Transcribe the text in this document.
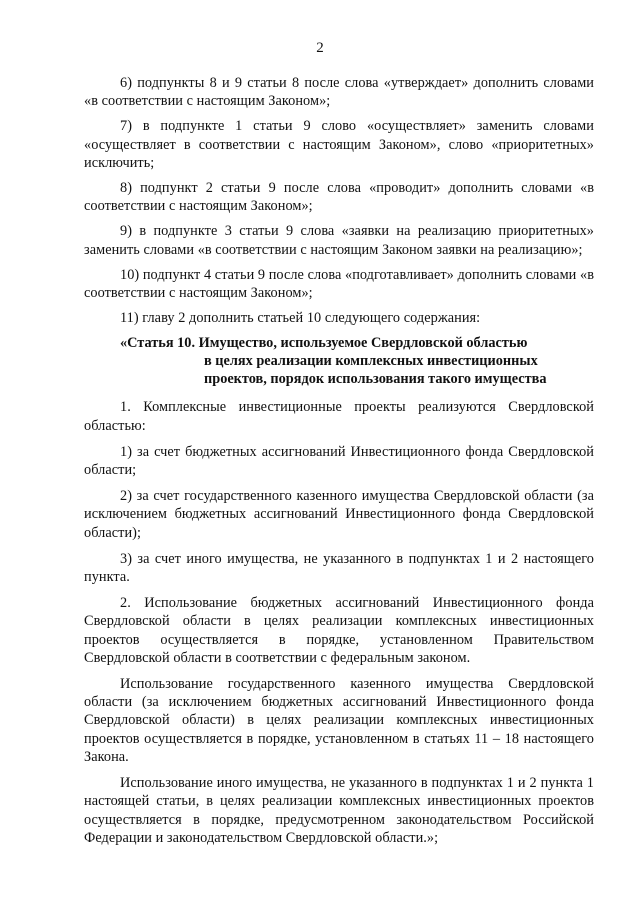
2

6) подпункты 8 и 9 статьи 8 после слова «утверждает» дополнить словами «в соответствии с настоящим Законом»;

7) в подпункте 1 статьи 9 слово «осуществляет» заменить словами «осуществляет в соответствии с настоящим Законом», слово «приоритетных» исключить;

8) подпункт 2 статьи 9 после слова «проводит» дополнить словами «в соответствии с настоящим Законом»;

9) в подпункте 3 статьи 9 слова «заявки на реализацию приоритетных» заменить словами «в соответствии с настоящим Законом заявки на реализацию»;

10) подпункт 4 статьи 9 после слова «подготавливает» дополнить словами «в соответствии с настоящим Законом»;

11) главу 2 дополнить статьей 10 следующего содержания:

«Статья 10. Имущество, используемое Свердловской областью
в целях реализации комплексных инвестиционных
проектов, порядок использования такого имущества

1. Комплексные инвестиционные проекты реализуются Свердловской областью:

1) за счет бюджетных ассигнований Инвестиционного фонда Свердловской области;

2) за счет государственного казенного имущества Свердловской области (за исключением бюджетных ассигнований Инвестиционного фонда Свердловской области);

3) за счет иного имущества, не указанного в подпунктах 1 и 2 настоящего пункта.

2. Использование бюджетных ассигнований Инвестиционного фонда Свердловской области в целях реализации комплексных инвестиционных проектов осуществляется в порядке, установленном Правительством Свердловской области в соответствии с федеральным законом.

Использование государственного казенного имущества Свердловской области (за исключением бюджетных ассигнований Инвестиционного фонда Свердловской области) в целях реализации комплексных инвестиционных проектов осуществляется в порядке, установленном в статьях 11 – 18 настоящего Закона.

Использование иного имущества, не указанного в подпунктах 1 и 2 пункта 1 настоящей статьи, в целях реализации комплексных инвестиционных проектов осуществляется в порядке, предусмотренном законодательством Российской Федерации и законодательством Свердловской области.»;
